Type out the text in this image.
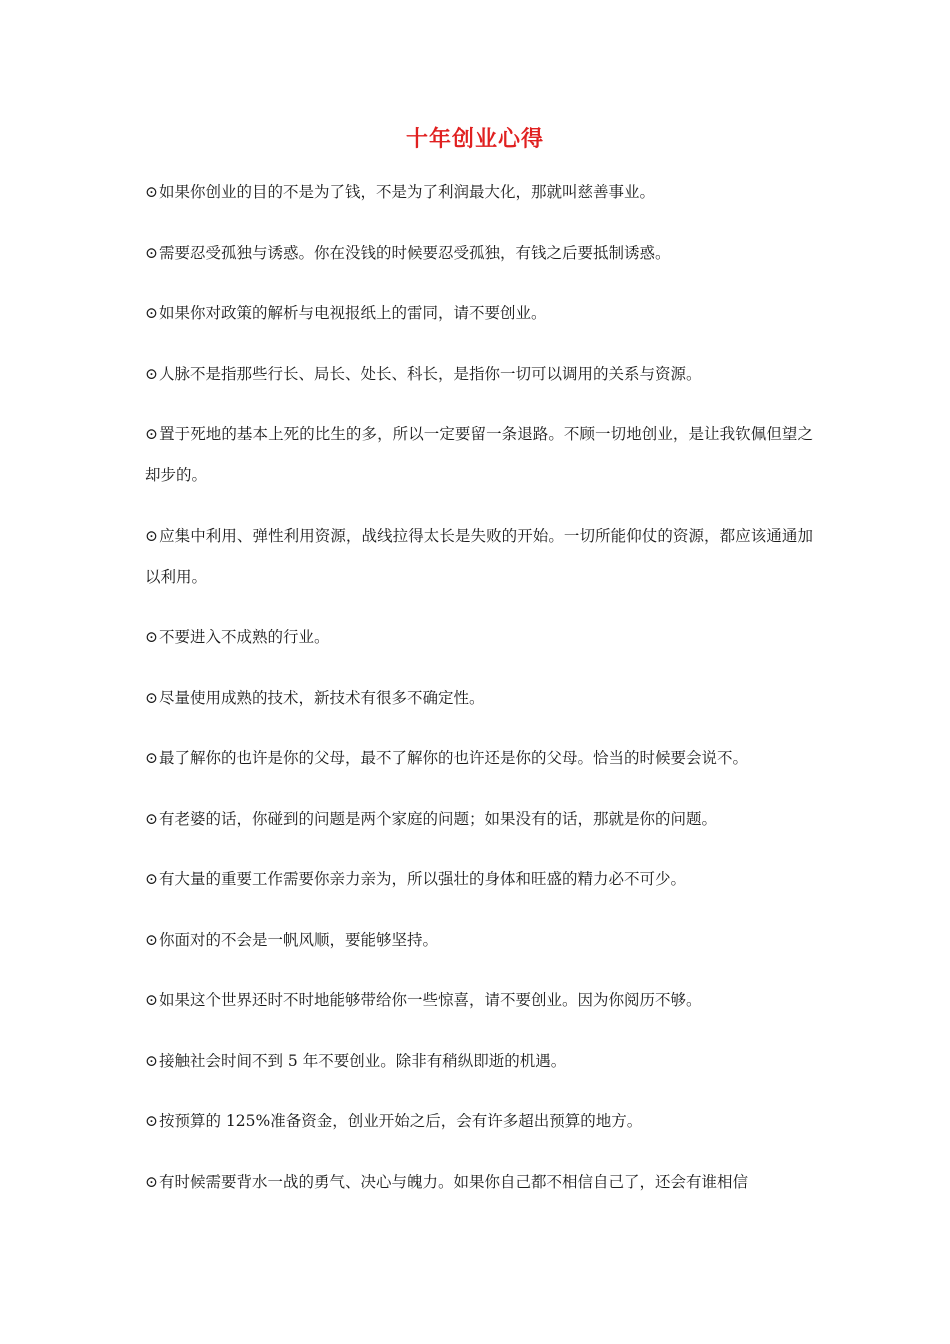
十年创业心得

⊙如果你创业的目的不是为了钱，不是为了利润最大化，那就叫慈善事业。

⊙需要忍受孤独与诱惑。你在没钱的时候要忍受孤独，有钱之后要抵制诱惑。

⊙如果你对政策的解析与电视报纸上的雷同，请不要创业。

⊙人脉不是指那些行长、局长、处长、科长，是指你一切可以调用的关系与资源。

⊙置于死地的基本上死的比生的多，所以一定要留一条退路。不顾一切地创业，是让我钦佩但望之却步的。

⊙应集中利用、弹性利用资源，战线拉得太长是失败的开始。一切所能仰仗的资源，都应该通通加以利用。

⊙不要进入不成熟的行业。

⊙尽量使用成熟的技术，新技术有很多不确定性。

⊙最了解你的也许是你的父母，最不了解你的也许还是你的父母。恰当的时候要会说不。

⊙有老婆的话，你碰到的问题是两个家庭的问题；如果没有的话，那就是你的问题。

⊙有大量的重要工作需要你亲力亲为，所以强壮的身体和旺盛的精力必不可少。

⊙你面对的不会是一帆风顺，要能够坚持。

⊙如果这个世界还时不时地能够带给你一些惊喜，请不要创业。因为你阅历不够。

⊙接触社会时间不到 5 年不要创业。除非有稍纵即逝的机遇。

⊙按预算的 125%准备资金，创业开始之后，会有许多超出预算的地方。

⊙有时候需要背水一战的勇气、决心与魄力。如果你自己都不相信自己了，还会有谁相信
